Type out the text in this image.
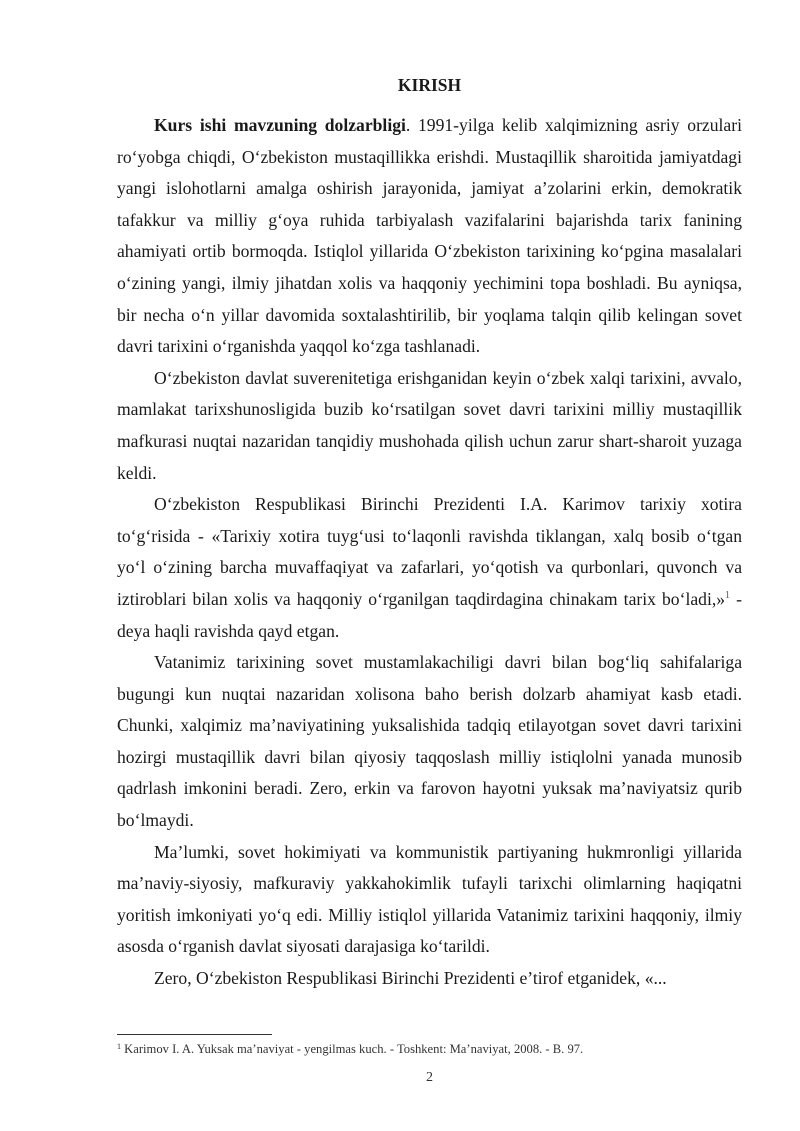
KIRISH

Kurs ishi mavzuning dolzarbligi. 1991-yilga kelib xalqimizning asriy orzulari ro‘yobga chiqdi, O‘zbekiston mustaqillikka erishdi. Mustaqillik sharoitida jamiyatdagi yangi islohotlarni amalga oshirish jarayonida, jamiyat a’zolarini erkin, demokratik tafakkur va milliy g‘oya ruhida tarbiyalash vazifalarini bajarishda tarix fanining ahamiyati ortib bormoqda. Istiqlol yillarida O‘zbekiston tarixining ko‘pgina masalalari o‘zining yangi, ilmiy jihatdan xolis va haqqoniy yechimini topa boshladi. Bu ayniqsa, bir necha o‘n yillar davomida soxtalashtirilib, bir yoqlama talqin qilib kelingan sovet davri tarixini o‘rganishda yaqqol ko‘zga tashlanadi.

O‘zbekiston davlat suverenitetiga erishganidan keyin o‘zbek xalqi tarixini, avvalo, mamlakat tarixshunosligida buzib ko‘rsatilgan sovet davri tarixini milliy mustaqillik mafkurasi nuqtai nazaridan tanqidiy mushohada qilish uchun zarur shart-sharoit yuzaga keldi.

O‘zbekiston Respublikasi Birinchi Prezidenti I.A. Karimov tarixiy xotira to‘g‘risida - «Tarixiy xotira tuyg‘usi to‘laqonli ravishda tiklangan, xalq bosib o‘tgan yo‘l o‘zining barcha muvaffaqiyat va zafarlari, yo‘qotish va qurbonlari, quvonch va iztiroblari bilan xolis va haqqoniy o‘rganilgan taqdirdagina chinakam tarix bo‘ladi,»$^1$ - deya haqli ravishda qayd etgan.

Vatanimiz tarixining sovet mustamlakachiligi davri bilan bog‘liq sahifalariga bugungi kun nuqtai nazaridan xolisona baho berish dolzarb ahamiyat kasb etadi. Chunki, xalqimiz ma’naviyatining yuksalishida tadqiq etilayotgan sovet davri tarixini hozirgi mustaqillik davri bilan qiyosiy taqqoslash milliy istiqlolni yanada munosib qadrlash imkonini beradi. Zero, erkin va farovon hayotni yuksak ma’naviyatsiz qurib bo‘lmaydi.

Ma’lumki, sovet hokimiyati va kommunistik partiyaning hukmronligi yillarida ma’naviy-siyosiy, mafkuraviy yakkahokimlik tufayli tarixchi olimlarning haqiqatni yoritish imkoniyati yo‘q edi. Milliy istiqlol yillarida Vatanimiz tarixini haqqoniy, ilmiy asosda o‘rganish davlat siyosati darajasiga ko‘tarildi.

Zero, O‘zbekiston Respublikasi Birinchi Prezidenti e’tirof etganidek, «...

$^1$ Karimov I. A. Yuksak ma’naviyat - yengilmas kuch. - Toshkent: Ma’naviyat, 2008. - B. 97.
2
